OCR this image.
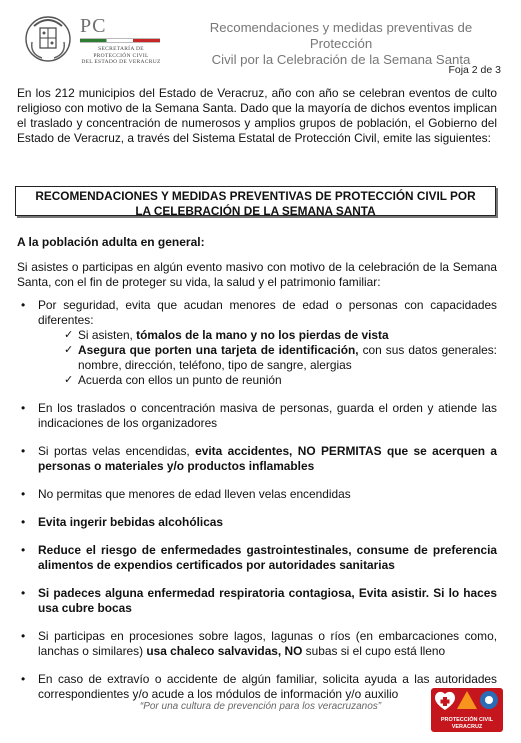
PC
SECRETARÍA DE
PROTECCIÓN CIVIL
DEL ESTADO DE VERACRUZ
Recomendaciones y medidas preventivas de Protección
Civil por la Celebración de la Semana Santa
Foja 2 de 3
En los 212 municipios del Estado de Veracruz, año con año se celebran eventos de culto religioso con motivo de la Semana Santa. Dado que la mayoría de dichos eventos implican el traslado y concentración de numerosos y amplios grupos de población, el Gobierno del Estado de Veracruz, a través del Sistema Estatal de Protección Civil, emite las siguientes:
RECOMENDACIONES Y MEDIDAS PREVENTIVAS DE PROTECCIÓN CIVIL POR
LA CELEBRACIÓN DE LA SEMANA SANTA
A la población adulta en general:
Si asistes o participas en algún evento masivo con motivo de la celebración de la Semana Santa, con el fin de proteger su vida, la salud y el patrimonio familiar:
• Por seguridad, evita que acudan menores de edad o personas con capacidades diferentes:
✓ Si asisten, tómalos de la mano y no los pierdas de vista
✓ Asegura que porten una tarjeta de identificación, con sus datos generales: nombre, dirección, teléfono, tipo de sangre, alergias
✓ Acuerda con ellos un punto de reunión
• En los traslados o concentración masiva de personas, guarda el orden y atiende las indicaciones de los organizadores
• Si portas velas encendidas, evita accidentes, NO PERMITAS que se acerquen a personas o materiales y/o productos inflamables
• No permitas que menores de edad lleven velas encendidas
• Evita ingerir bebidas alcohólicas
• Reduce el riesgo de enfermedades gastrointestinales, consume de preferencia alimentos de expendios certificados por autoridades sanitarias
• Si padeces alguna enfermedad respiratoria contagiosa, Evita asistir. Si lo haces usa cubre bocas
• Si participas en procesiones sobre lagos, lagunas o ríos (en embarcaciones como, lanchas o similares) usa chaleco salvavidas, NO subas si el cupo está lleno
• En caso de extravío o accidente de algún familiar, solicita ayuda a las autoridades correspondientes y/o acude a los módulos de información y/o auxilio
“Por una cultura de prevención para los veracruzanos”
PROTECCIÓN CIVIL
VERACRUZ
